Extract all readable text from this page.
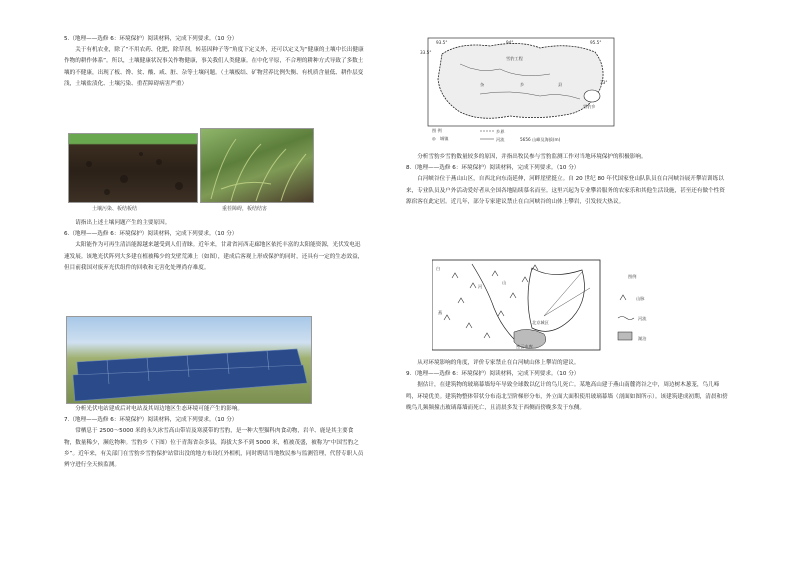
5.（地理——选修 6：环境保护）阅读材料，完成下列要求。（10 分）

关于有机农业，除了“不用农药、化肥，除草剂，转基因种子等”角度下定义外，还可以定义为“健康的土壤中长出健康作物的耕作体系”。所以，土壤健康状况事关作物健康，事关我们人类健康。在中化平原，不合理的耕种方式导致了多数土壤的不健康，出现了板、馋、贫、酸、咸、脏、杂等土壤问题。（土壤板结、矿物营养比例失衡、有机质含量低、耕作层变浅，土壤盐渍化、土壤污染、重茬障碍病害严重）

土壤污染、板结板结	重茬障碍，板结结害

请指出上述土壤问题产生的主要原因。

6.（地理——选修 6：环境保护）阅读材料，完成下列要求。（10 分）

太阳能作为可再生清洁能源越来越受到人们青睐。近年来，甘肃省河西走廊地区依托丰富的太阳能资源，光伏发电迅速发展。该地光伏阵列大多建在植被稀少的戈壁荒滩上（如图），建成后客观上形成保护的同时，还具有一定的生态效益，但目前我国对废弃光伏组件的回收和无害化处理尚存难度。

分析光伏电站建成后对电站及其周边地区生态环境可能产生的影响。

7.（地理——选修 6：环境保护）阅读材料，完成下列要求。（10 分）

常栖息于 2500～5000 米的永久冰雪高山带岩及寒漠带的雪豹，是一种大型猫科肉食动物，岩羊、鹿是其主要食物，数量稀少，濒危物种。雪豹乡（下图）位于青海省杂多县，海拔大多不到 5000 米，植被茂盛，被称为“中国雪豹之乡”。近年来，有关部门在雪豹乡雪豹保护站常出没的地方布设红外相机，同时聘请当地牧民参与监测管理，代替专职人员辨守进行全天候监测。

杂	乡	县
雪豹乡
雪豹工程
93.5°	94°	95.5°
33.5°
33°
图 例
◎ 城镇
乡界
河流	5656 山峰及海拔(m)

分析雪豹乡雪豹数量较多的原因，并指出牧民参与雪豹监测工作对当地环境保护的积极影响。

8.（地理——选修 6：环境保护）阅读材料，完成下列要求。（10 分）

白河峡谷位于燕山山区，自西北向东南延伸，河畔崖壁挺立。自 20 世纪 80 年代国家登山队队员在白河峡谷展开攀岩训练以来，专业队员及户外活动爱好者从全国各地陆续慕名而至。这里兴起为专业攀岩服务的农家乐和其他生活设施，甚至还有做个性资源宿客在此定居。近几年，部分专家建议禁止在白河峡谷的山体上攀岩，引发较大热议。

白
河
山
燕
北京城区
密云水库
图例
山脉
河流
湖泊

从对环境影响的角度，评价专家禁止在白河峡山体上攀岩的建议。

9.（地理——选修 6：环境保护）阅读材料，完成下列要求。（10 分）

据估计，在建筑物的玻璃幕墙每年导致全球数以亿计的鸟儿死亡。某地高山建于燕山南麓湾谷之中，周边树木葱茏，鸟儿啼鸣，环境优美。建筑物整体带状分布南北呈阶梯形分布，外立面大面积使用玻璃幕墙（剖面如图所示）。该建筑建成初期，清晨和傍晚鸟儿频频撞击玻璃幕墙而死亡，且清晨多发于西侧而傍晚多发于东侧。
